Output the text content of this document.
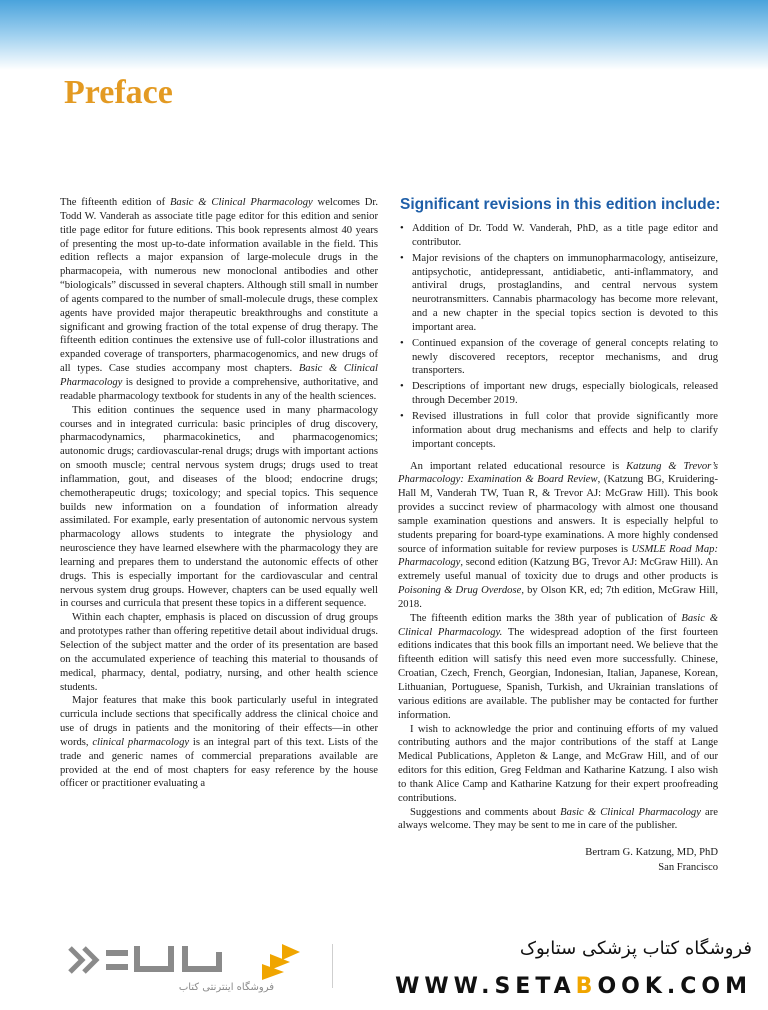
Preface

The fifteenth edition of Basic & Clinical Pharmacology welcomes Dr. Todd W. Vanderah as associate title page editor for this edition and senior title page editor for future editions. This book represents almost 40 years of presenting the most up-to-date information available in the field. This edition reflects a major expansion of large-molecule drugs in the pharmacopeia, with numerous new monoclonal antibodies and other “biologicals” discussed in several chapters. Although still small in number of agents compared to the number of small-molecule drugs, these complex agents have provided major therapeutic breakthroughs and constitute a significant and growing fraction of the total expense of drug therapy. The fifteenth edition continues the extensive use of full-color illustrations and expanded coverage of transporters, pharmacogenomics, and new drugs of all types. Case studies accompany most chapters. Basic & Clinical Pharmacology is designed to provide a comprehensive, authoritative, and readable pharmacology textbook for students in any of the health sciences.

This edition continues the sequence used in many pharmacology courses and in integrated curricula: basic principles of drug discovery, pharmacodynamics, pharmacokinetics, and pharmacogenomics; autonomic drugs; cardiovascular-renal drugs; drugs with important actions on smooth muscle; central nervous system drugs; drugs used to treat inflammation, gout, and diseases of the blood; endocrine drugs; chemotherapeutic drugs; toxicology; and special topics. This sequence builds new information on a foundation of information already assimilated. For example, early presentation of autonomic nervous system pharmacology allows students to integrate the physiology and neuroscience they have learned elsewhere with the pharmacology they are learning and prepares them to understand the autonomic effects of other drugs. This is especially important for the cardiovascular and central nervous system drug groups. However, chapters can be used equally well in courses and curricula that present these topics in a different sequence.

Within each chapter, emphasis is placed on discussion of drug groups and prototypes rather than offering repetitive detail about individual drugs. Selection of the subject matter and the order of its presentation are based on the accumulated experience of teaching this material to thousands of medical, pharmacy, dental, podiatry, nursing, and other health science students.

Major features that make this book particularly useful in integrated curricula include sections that specifically address the clinical choice and use of drugs in patients and the monitoring of their effects—in other words, clinical pharmacology is an integral part of this text. Lists of the trade and generic names of commercial preparations available are provided at the end of most chapters for easy reference by the house officer or practitioner evaluating a

Significant revisions in this edition include:
• Addition of Dr. Todd W. Vanderah, PhD, as a title page editor and contributor.
• Major revisions of the chapters on immunopharmacology, antiseizure, antipsychotic, antidepressant, antidiabetic, anti-inflammatory, and antiviral drugs, prostaglandins, and central nervous system neurotransmitters. Cannabis pharmacology has become more relevant, and a new chapter in the special topics section is devoted to this important area.
• Continued expansion of the coverage of general concepts relating to newly discovered receptors, receptor mechanisms, and drug transporters.
• Descriptions of important new drugs, especially biologicals, released through December 2019.
• Revised illustrations in full color that provide significantly more information about drug mechanisms and effects and help to clarify important concepts.

An important related educational resource is Katzung & Trevor’s Pharmacology: Examination & Board Review, (Katzung BG, Kruidering-Hall M, Vanderah TW, Tuan R, & Trevor AJ: McGraw Hill). This book provides a succinct review of pharmacology with almost one thousand sample examination questions and answers. It is especially helpful to students preparing for board-type examinations. A more highly condensed source of information suitable for review purposes is USMLE Road Map: Pharmacology, second edition (Katzung BG, Trevor AJ: McGraw Hill). An extremely useful manual of toxicity due to drugs and other products is Poisoning & Drug Overdose, by Olson KR, ed; 7th edition, McGraw Hill, 2018.

The fifteenth edition marks the 38th year of publication of Basic & Clinical Pharmacology. The widespread adoption of the first fourteen editions indicates that this book fills an important need. We believe that the fifteenth edition will satisfy this need even more successfully. Chinese, Croatian, Czech, French, Georgian, Indonesian, Italian, Japanese, Korean, Lithuanian, Portuguese, Spanish, Turkish, and Ukrainian translations of various editions are available. The publisher may be contacted for further information.

I wish to acknowledge the prior and continuing efforts of my valued contributing authors and the major contributions of the staff at Lange Medical Publications, Appleton & Lange, and McGraw Hill, and of our editors for this edition, Greg Feldman and Katharine Katzung. I also wish to thank Alice Camp and Katharine Katzung for their expert proofreading contributions.

Suggestions and comments about Basic & Clinical Pharmacology are always welcome. They may be sent to me in care of the publisher.

Bertram G. Katzung, MD, PhD
San Francisco
فروشگاه اینترنتی کتاب
فروشگاه کتاب پزشکی ستابوک
WWW.SETABOOK.COM
